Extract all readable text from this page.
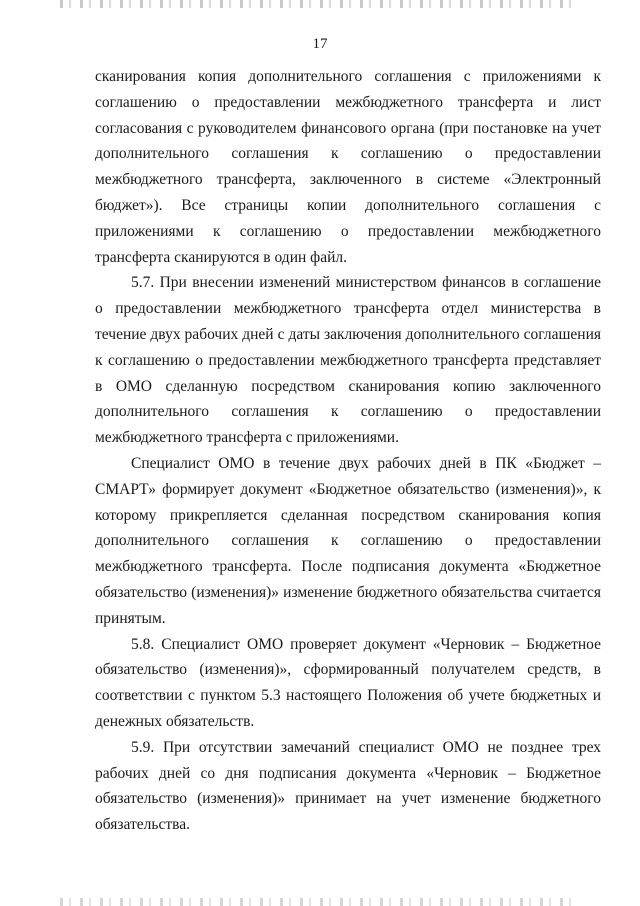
17

сканирования копия дополнительного соглашения с приложениями к соглашению о предоставлении межбюджетного трансферта и лист согласования с руководителем финансового органа (при постановке на учет дополнительного соглашения к соглашению о предоставлении межбюджетного трансферта, заключенного в системе «Электронный бюджет»). Все страницы копии дополнительного соглашения с приложениями к соглашению о предоставлении межбюджетного трансферта сканируются в один файл.

5.7. При внесении изменений министерством финансов в соглашение о предоставлении межбюджетного трансферта отдел министерства в течение двух рабочих дней с даты заключения дополнительного соглашения к соглашению о предоставлении межбюджетного трансферта представляет в ОМО сделанную посредством сканирования копию заключенного дополнительного соглашения к соглашению о предоставлении межбюджетного трансферта с приложениями.

Специалист ОМО в течение двух рабочих дней в ПК «Бюджет – СМАРТ» формирует документ «Бюджетное обязательство (изменения)», к которому прикрепляется сделанная посредством сканирования копия дополнительного соглашения к соглашению о предоставлении межбюджетного трансферта. После подписания документа «Бюджетное обязательство (изменения)» изменение бюджетного обязательства считается принятым.

5.8. Специалист ОМО проверяет документ «Черновик – Бюджетное обязательство (изменения)», сформированный получателем средств, в соответствии с пунктом 5.3 настоящего Положения об учете бюджетных и денежных обязательств.

5.9. При отсутствии замечаний специалист ОМО не позднее трех рабочих дней со дня подписания документа «Черновик – Бюджетное обязательство (изменения)» принимает на учет изменение бюджетного обязательства.
